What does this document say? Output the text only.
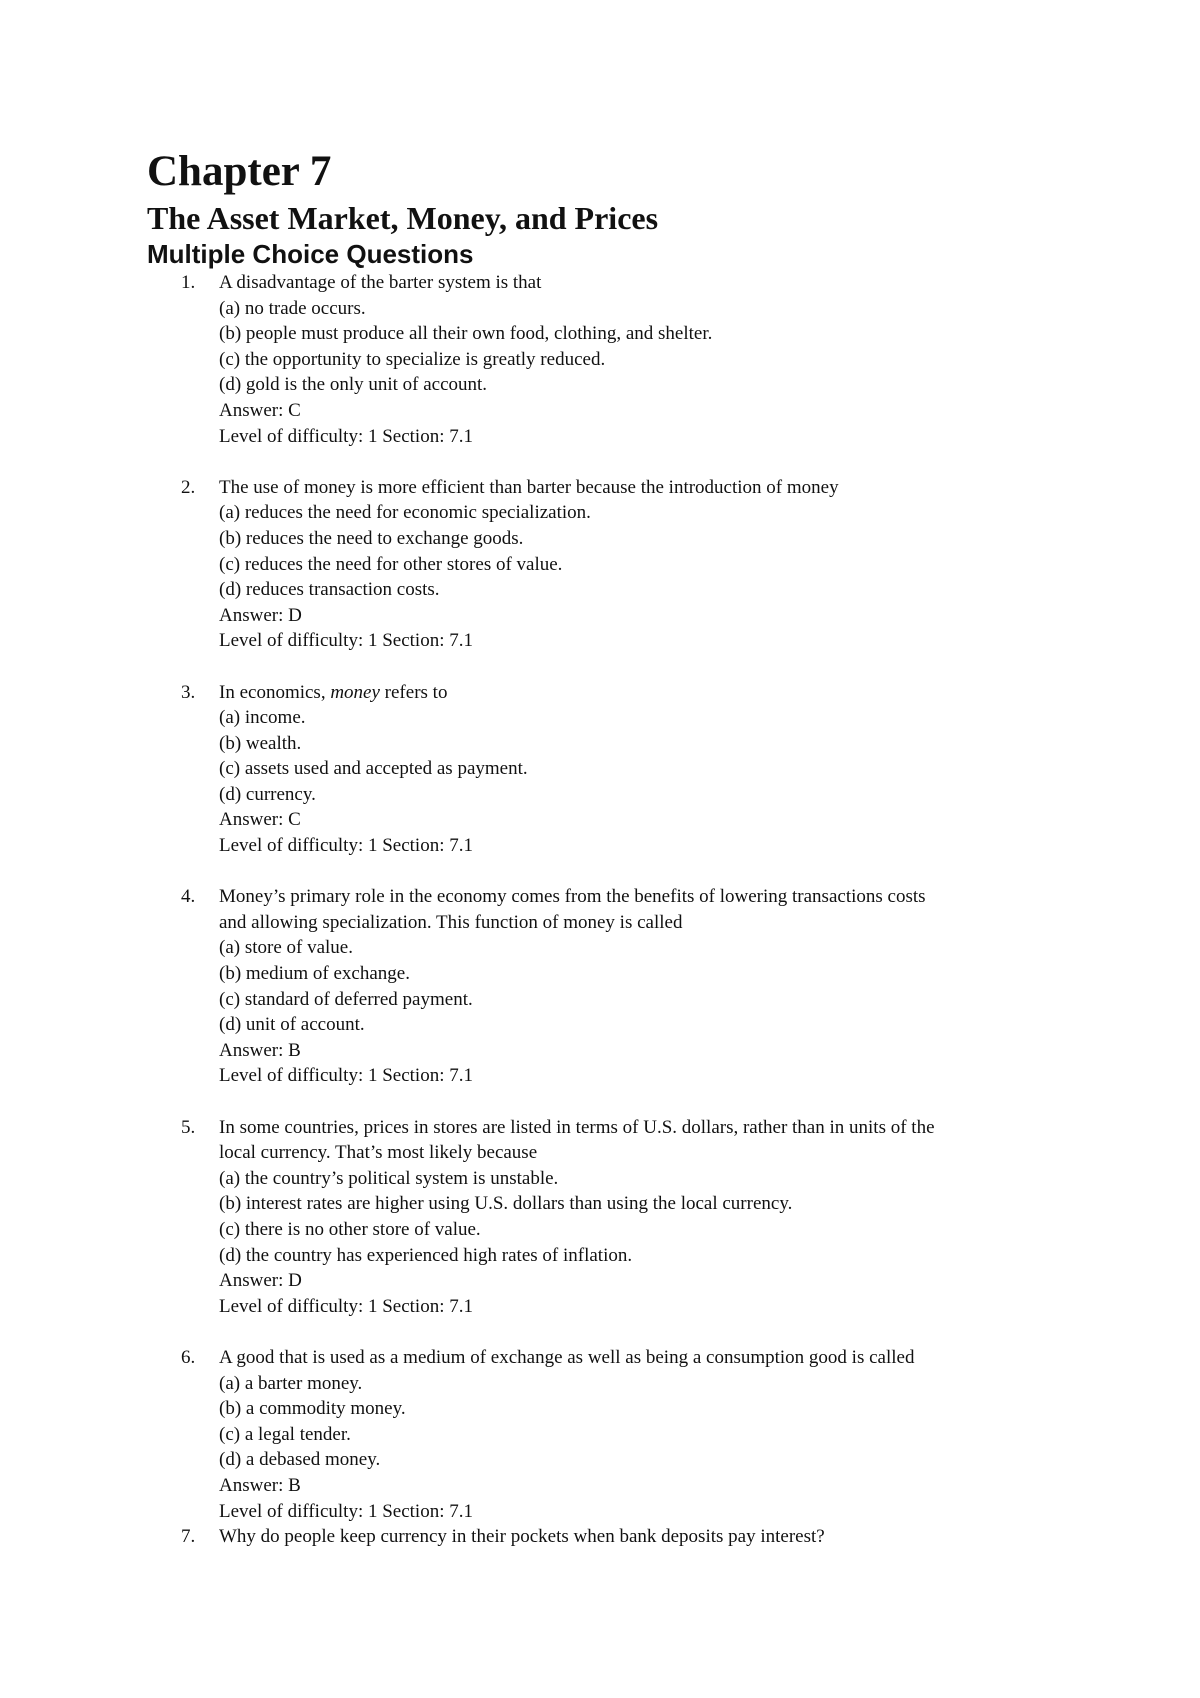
Chapter 7
The Asset Market, Money, and Prices
Multiple Choice Questions
1. A disadvantage of the barter system is that
(a) no trade occurs.
(b) people must produce all their own food, clothing, and shelter.
(c) the opportunity to specialize is greatly reduced.
(d) gold is the only unit of account.
Answer: C
Level of difficulty: 1 Section: 7.1
2. The use of money is more efficient than barter because the introduction of money
(a) reduces the need for economic specialization.
(b) reduces the need to exchange goods.
(c) reduces the need for other stores of value.
(d) reduces transaction costs.
Answer: D
Level of difficulty: 1 Section: 7.1
3. In economics, money refers to
(a) income.
(b) wealth.
(c) assets used and accepted as payment.
(d) currency.
Answer: C
Level of difficulty: 1 Section: 7.1
4. Money’s primary role in the economy comes from the benefits of lowering transactions costs
and allowing specialization. This function of money is called
(a) store of value.
(b) medium of exchange.
(c) standard of deferred payment.
(d) unit of account.
Answer: B
Level of difficulty: 1 Section: 7.1
5. In some countries, prices in stores are listed in terms of U.S. dollars, rather than in units of the
local currency. That’s most likely because
(a) the country’s political system is unstable.
(b) interest rates are higher using U.S. dollars than using the local currency.
(c) there is no other store of value.
(d) the country has experienced high rates of inflation.
Answer: D
Level of difficulty: 1 Section: 7.1
6. A good that is used as a medium of exchange as well as being a consumption good is called
(a) a barter money.
(b) a commodity money.
(c) a legal tender.
(d) a debased money.
Answer: B
Level of difficulty: 1 Section: 7.1
7. Why do people keep currency in their pockets when bank deposits pay interest?
